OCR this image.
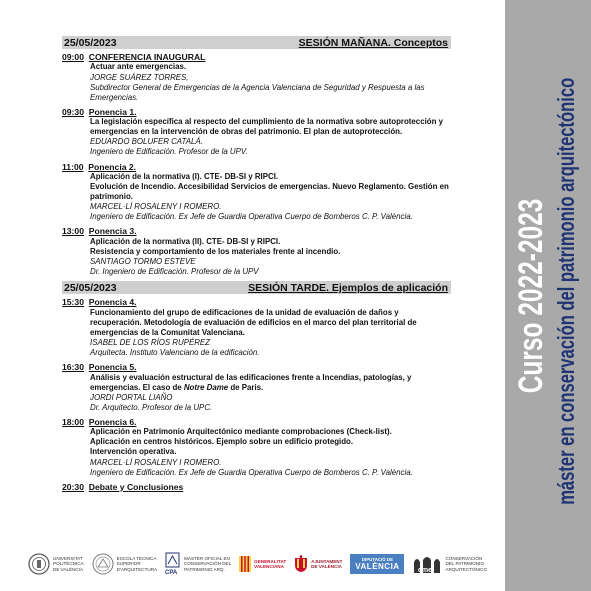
25/05/2023	SESIÓN MAÑANA. Conceptos
09:00 CONFERENCIA INAUGURAL
Actuar ante emergencias.
JORGE SUÁREZ TORRES,
Subdirector General de Emergencias de la Agencia Valenciana de Seguridad y Respuesta a las Emergencias.
09:30 Ponencia 1.
La legislación específica al respecto del cumplimiento de la normativa sobre autoprotección y emergencias en la intervención de obras del patrimonio. El plan de autoprotección.
EDUARDO BOLUFER CATALÁ.
Ingeniero de Edificación. Profesor de la UPV.
11:00 Ponencia 2.
Aplicación de la normativa (I). CTE- DB-SI y RIPCI.
Evolución de Incendio. Accesibilidad Servicios de emergencias. Nuevo Reglamento. Gestión en patrimonio.
MARCEL·LÍ ROSALENY I ROMERO.
Ingeniero de Edificación. Ex Jefe de Guardia Operativa Cuerpo de Bomberos C. P. València.
13:00 Ponencia 3.
Aplicación de la normativa (II). CTE- DB-SI y RIPCI.
Resistencia y comportamiento de los materiales frente al incendio.
SANTIAGO TORMO ESTEVE
Dr. Ingeniero de Edificación. Profesor de la UPV
25/05/2023	SESIÓN TARDE. Ejemplos de aplicación
15:30 Ponencia 4.
Funcionamiento del grupo de edificaciones de la unidad de evaluación de daños y recuperación. Metodología de evaluación de edificios en el marco del plan territorial de emergencias de la Comunitat Valenciana.
ISABEL DE LOS RÍOS RUPÉREZ
Arquitecta. Instituto Valenciano de la edificación.
16:30 Ponencia 5.
Análisis y evaluación estructural de las edificaciones frente a Incendias, patologías, y emergencias. El caso de Notre Dame de Paris.
JORDI PORTAL LIAÑO
Dr. Arquitecto. Profesor de la UPC.
18:00 Ponencia 6.
Aplicación en Patrimonio Arquitectónico mediante comprobaciones (Check-list).
Aplicación en centros históricos. Ejemplo sobre un edificio protegido.
Intervención operativa.
MARCEL·LÍ ROSALENY I ROMERO.
Ingeniero de Edificación. Ex Jefe de Guardia Operativa Cuerpo de Bomberos C. P. València.
20:30 Debate y Conclusiones
Curso 2022-2023 máster en conservación del patrimonio arquitectónico
UNIVERSITAT
POLITÈCNICA
DE VALÈNCIA
ESCOLA TÈCNICA
SUPERIOR
D'ARQUITECTURA
CPA
MÁSTER OFICIAL EN
CONSERVACIÓN DEL
PATRIMONIO ARQ.
GENERALITAT
VALENCIANA
AJUNTAMENT
DE VALÈNCIA
DIPUTACIÓ DE
VALÈNCIA	cme
CONSERVACIÓN
DEL PATRIMONIO
ARQUITECTÓNICO
